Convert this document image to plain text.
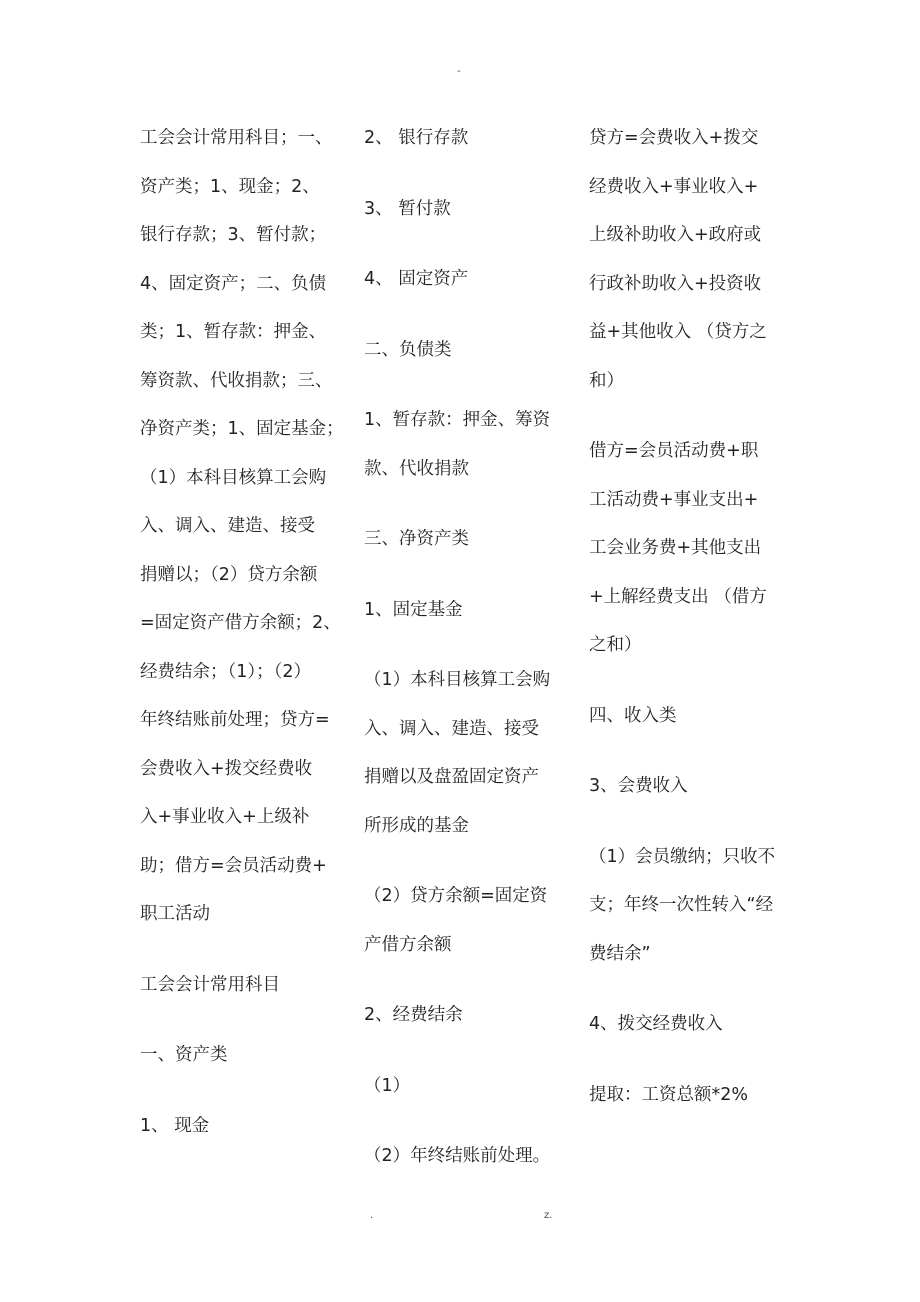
-

工会会计常用科目；一、

资产类；1、现金；2、

银行存款；3、暂付款；

4、固定资产；二、负债

类；1、暂存款：押金、

筹资款、代收捐款；三、

净资产类；1、固定基金；

（1）本科目核算工会购

入、调入、建造、接受

捐赠以；（2）贷方余额

=固定资产借方余额；2、

经费结余；（1）；（2）

年终结账前处理；贷方=

会费收入+拨交经费收

入+事业收入+上级补

助；借方=会员活动费+

职工活动

工会会计常用科目

一、资产类

1、 现金

2、 银行存款

3、 暂付款

4、 固定资产

二、负债类

1、暂存款：押金、筹资

款、代收捐款

三、净资产类

1、固定基金

（1）本科目核算工会购

入、调入、建造、接受

捐赠以及盘盈固定资产

所形成的基金

（2）贷方余额=固定资

产借方余额

2、经费结余

（1）

（2）年终结账前处理。

贷方=会费收入+拨交

经费收入+事业收入+

上级补助收入+政府或

行政补助收入+投资收

益+其他收入 （贷方之

和）

借方=会员活动费+职

工活动费+事业支出+

工会业务费+其他支出

+上解经费支出 （借方

之和）

四、收入类

3、会费收入

（1）会员缴纳；只收不

支；年终一次性转入“经

费结余”

4、拨交经费收入

提取：工资总额*2%

.	z.
